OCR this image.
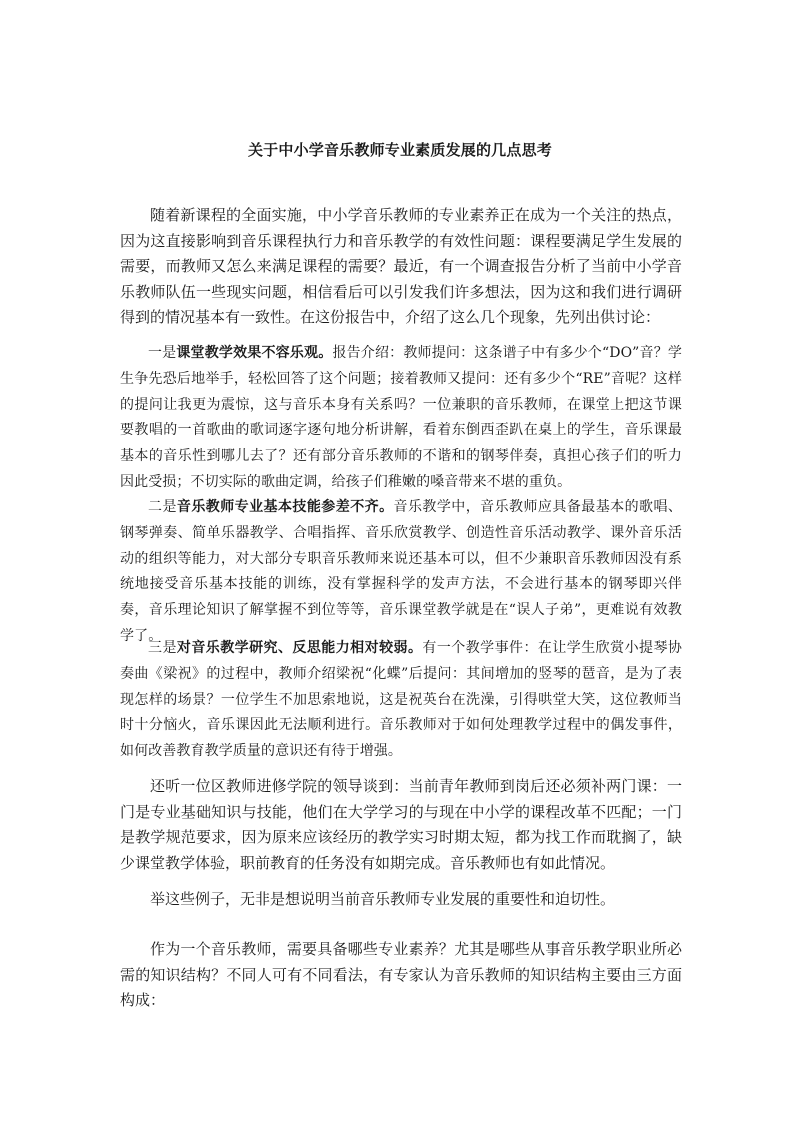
关于中小学音乐教师专业素质发展的几点思考

随着新课程的全面实施，中小学音乐教师的专业素养正在成为一个关注的热点，因为这直接影响到音乐课程执行力和音乐教学的有效性问题：课程要满足学生发展的需要，而教师又怎么来满足课程的需要？最近，有一个调查报告分析了当前中小学音乐教师队伍一些现实问题，相信看后可以引发我们许多想法，因为这和我们进行调研得到的情况基本有一致性。在这份报告中，介绍了这么几个现象，先列出供讨论：

一是课堂教学效果不容乐观。报告介绍：教师提问：这条谱子中有多少个“DO”音？学生争先恐后地举手，轻松回答了这个问题；接着教师又提问：还有多少个“RE”音呢？这样的提问让我更为震惊，这与音乐本身有关系吗？一位兼职的音乐教师，在课堂上把这节课要教唱的一首歌曲的歌词逐字逐句地分析讲解，看着东倒西歪趴在桌上的学生，音乐课最基本的音乐性到哪儿去了？还有部分音乐教师的不谐和的钢琴伴奏，真担心孩子们的听力因此受损；不切实际的歌曲定调，给孩子们稚嫩的嗓音带来不堪的重负。

二是音乐教师专业基本技能参差不齐。音乐教学中，音乐教师应具备最基本的歌唱、钢琴弹奏、简单乐器教学、合唱指挥、音乐欣赏教学、创造性音乐活动教学、课外音乐活动的组织等能力，对大部分专职音乐教师来说还基本可以，但不少兼职音乐教师因没有系统地接受音乐基本技能的训练，没有掌握科学的发声方法，不会进行基本的钢琴即兴伴奏，音乐理论知识了解掌握不到位等等，音乐课堂教学就是在“误人子弟”，更难说有效教学了。

三是对音乐教学研究、反思能力相对较弱。有一个教学事件：在让学生欣赏小提琴协奏曲《梁祝》的过程中，教师介绍梁祝“化蝶”后提问：其间增加的竖琴的琶音，是为了表现怎样的场景？一位学生不加思索地说，这是祝英台在洗澡，引得哄堂大笑，这位教师当时十分恼火，音乐课因此无法顺利进行。音乐教师对于如何处理教学过程中的偶发事件，如何改善教育教学质量的意识还有待于增强。

还听一位区教师进修学院的领导谈到：当前青年教师到岗后还必须补两门课：一门是专业基础知识与技能，他们在大学学习的与现在中小学的课程改革不匹配；一门是教学规范要求，因为原来应该经历的教学实习时期太短，都为找工作而耽搁了，缺少课堂教学体验，职前教育的任务没有如期完成。音乐教师也有如此情况。

举这些例子，无非是想说明当前音乐教师专业发展的重要性和迫切性。

作为一个音乐教师，需要具备哪些专业素养？尤其是哪些从事音乐教学职业所必需的知识结构？不同人可有不同看法，有专家认为音乐教师的知识结构主要由三方面构成：
